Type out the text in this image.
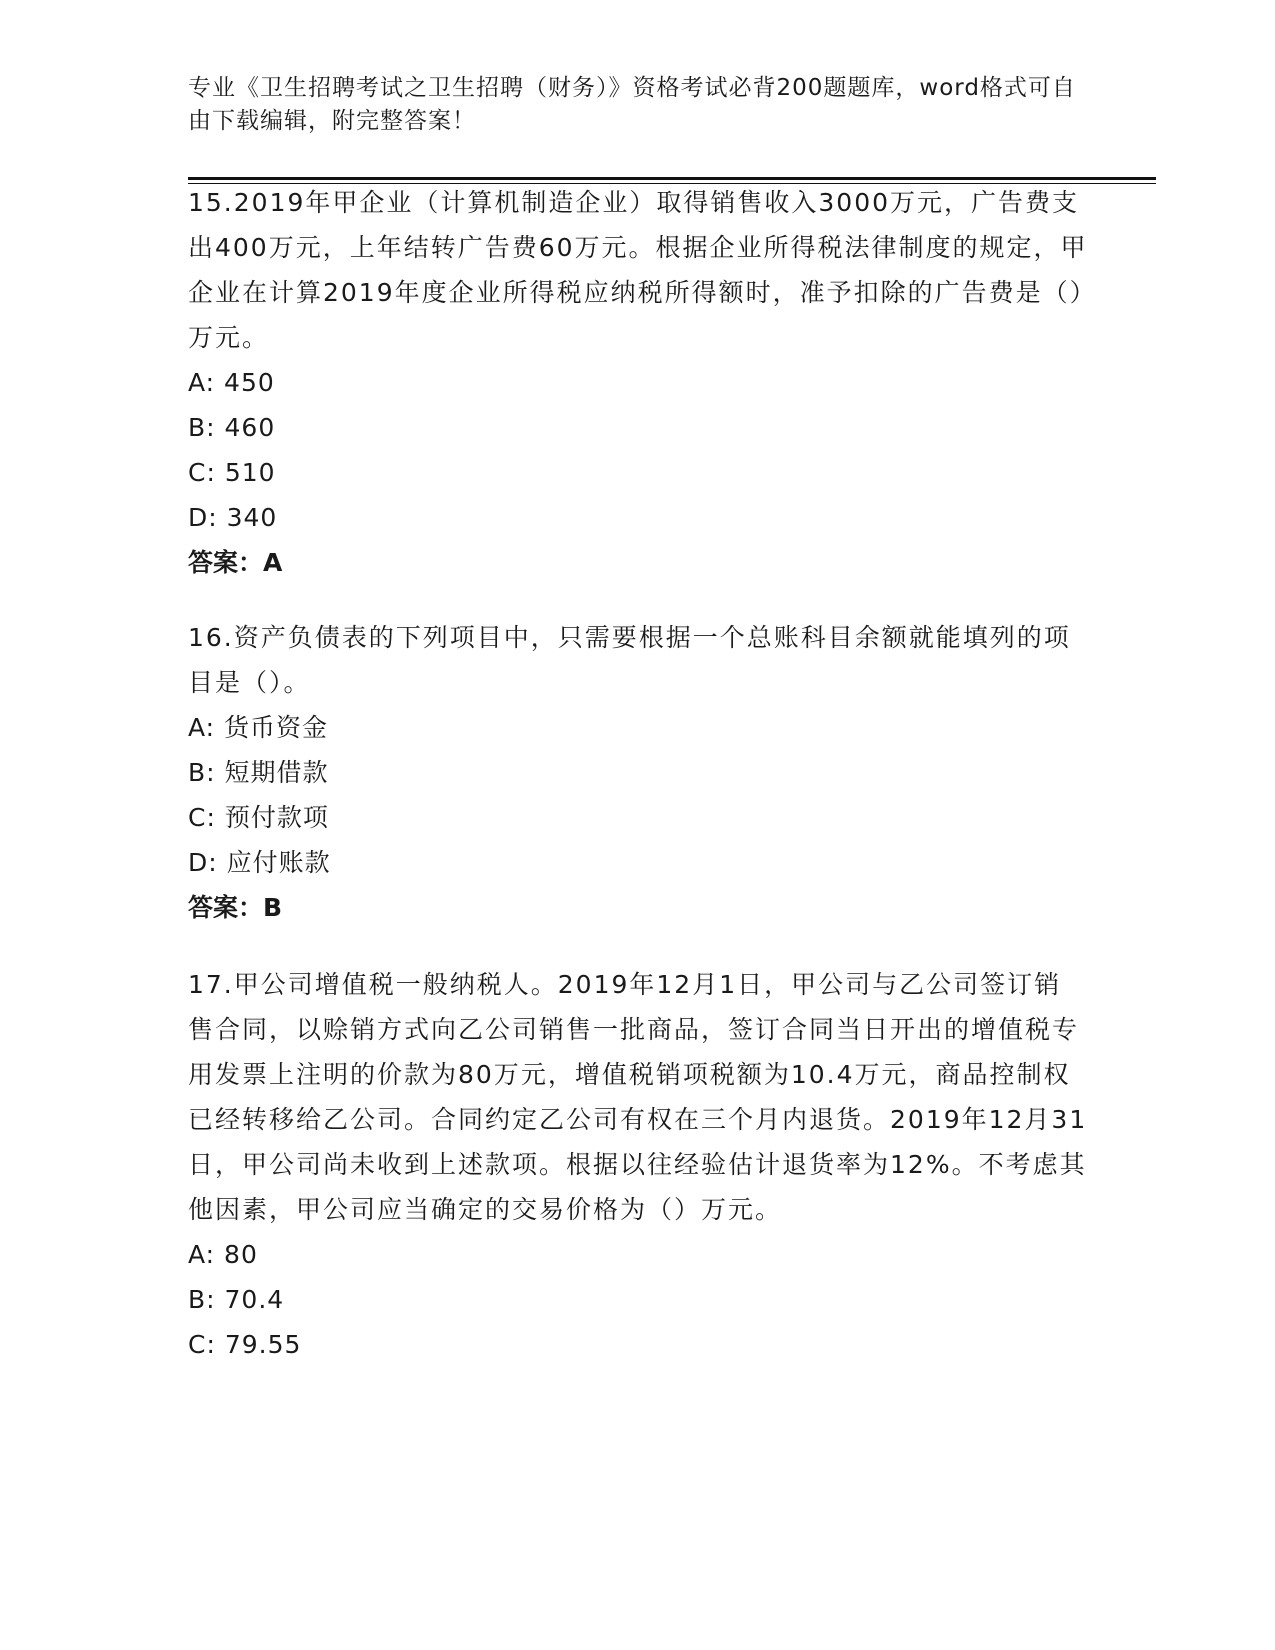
专业《卫生招聘考试之卫生招聘（财务）》资格考试必背200题题库，word格式可自由下载编辑，附完整答案！

15.2019年甲企业（计算机制造企业）取得销售收入3000万元，广告费支出400万元，上年结转广告费60万元。根据企业所得税法律制度的规定，甲企业在计算2019年度企业所得税应纳税所得额时，准予扣除的广告费是（）万元。

A: 450

B: 460

C: 510

D: 340

答案：A

16.资产负债表的下列项目中，只需要根据一个总账科目余额就能填列的项目是（）。

A: 货币资金

B: 短期借款

C: 预付款项

D: 应付账款

答案：B

17.甲公司增值税一般纳税人。2019年12月1日，甲公司与乙公司签订销售合同，以赊销方式向乙公司销售一批商品，签订合同当日开出的增值税专用发票上注明的价款为80万元，增值税销项税额为10.4万元，商品控制权已经转移给乙公司。合同约定乙公司有权在三个月内退货。2019年12月31日，甲公司尚未收到上述款项。根据以往经验估计退货率为12%。不考虑其他因素，甲公司应当确定的交易价格为（）万元。

A: 80

B: 70.4

C: 79.55
